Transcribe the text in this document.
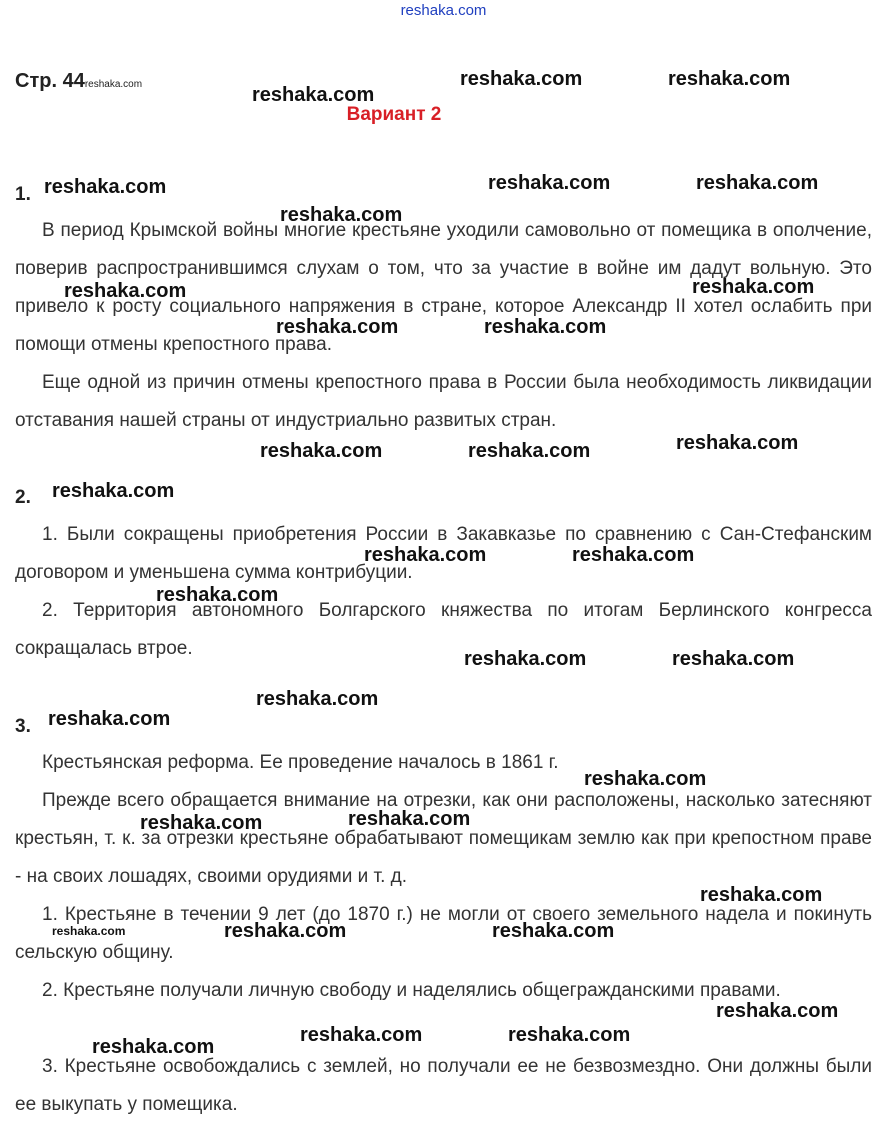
reshaka.com
Стр. 44reshaka.com
Вариант 2
1.
2.
3.
В период Крымской войны многие крестьяне уходили самовольно от помещика в ополчение, поверив распространившимся слухам о том, что за участие в войне им дадут вольную. Это привело к росту социального напряжения в стране, которое Александр II хотел ослабить при помощи отмены крепостного права.
Еще одной из причин отмены крепостного права в России была необходимость ликвидации отставания нашей страны от индустриально развитых стран.
1. Были сокращены приобретения России в Закавказье по сравнению с Сан-Стефанским договором и уменьшена сумма контрибуции.
2. Территория автономного Болгарского княжества по итогам Берлинского конгресса сокращалась втрое.
Крестьянская реформа. Ее проведение началось в 1861 г.
Прежде всего обращается внимание на отрезки, как они расположены, насколько затесняют крестьян, т. к. за отрезки крестьяне обрабатывают помещикам землю как при крепостном праве - на своих лошадях, своими орудиями и т. д.
1. Крестьяне в течении 9 лет (до 1870 г.) не могли от своего земельного надела и покинуть сельскую общину.
2. Крестьяне получали личную свободу и наделялись общегражданскими правами.
3. Крестьяне освобождались с землей, но получали ее не безвозмездно. Они должны были ее выкупать у помещика.
reshaka.com	reshaka.com
reshaka.com
reshaka.com	reshaka.com	reshaka.com
reshaka.com
reshaka.com	reshaka.com
reshaka.com	reshaka.com
reshaka.com
reshaka.com	reshaka.com
reshaka.com
reshaka.com	reshaka.com
reshaka.com
reshaka.com	reshaka.com
reshaka.com
reshaka.com
reshaka.com
reshaka.com
reshaka.com
reshaka.com
reshaka.com	reshaka.com	reshaka.com
reshaka.com
reshaka.com	reshaka.com
reshaka.com
